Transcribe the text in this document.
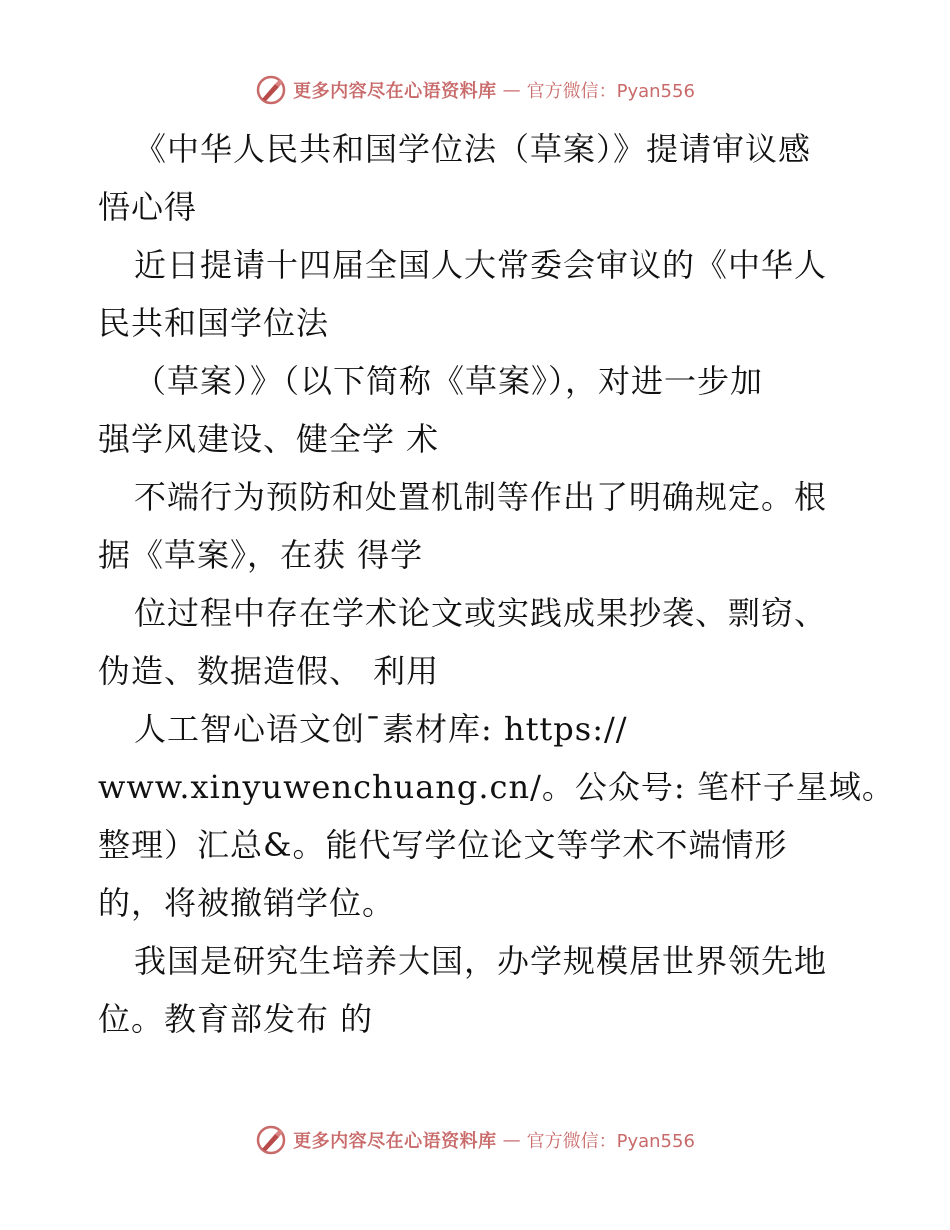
更多内容尽在心语资料库 — 官方微信：Pyan556
《中华人民共和国学位法（草案）》提请审议感
悟心得
近日提请十四届全国人大常委会审议的《中华人
民共和国学位法
（草案）》（以下简称《草案》），对进一步加
强学风建设、健全学 术
不端行为预防和处置机制等作出了明确规定。根
据《草案》，在获 得学
位过程中存在学术论文或实践成果抄袭、剽窃、
伪造、数据造假、 利用
人工智心语文创¯素材库: https://
www.xinyuwenchuang.cn/。公众号: 笔杆子星域。
整理）汇总&。能代写学位论文等学术不端情形
的，将被撤销学位。
我国是研究生培养大国，办学规模居世界领先地
位。教育部发布 的
更多内容尽在心语资料库 — 官方微信：Pyan556
